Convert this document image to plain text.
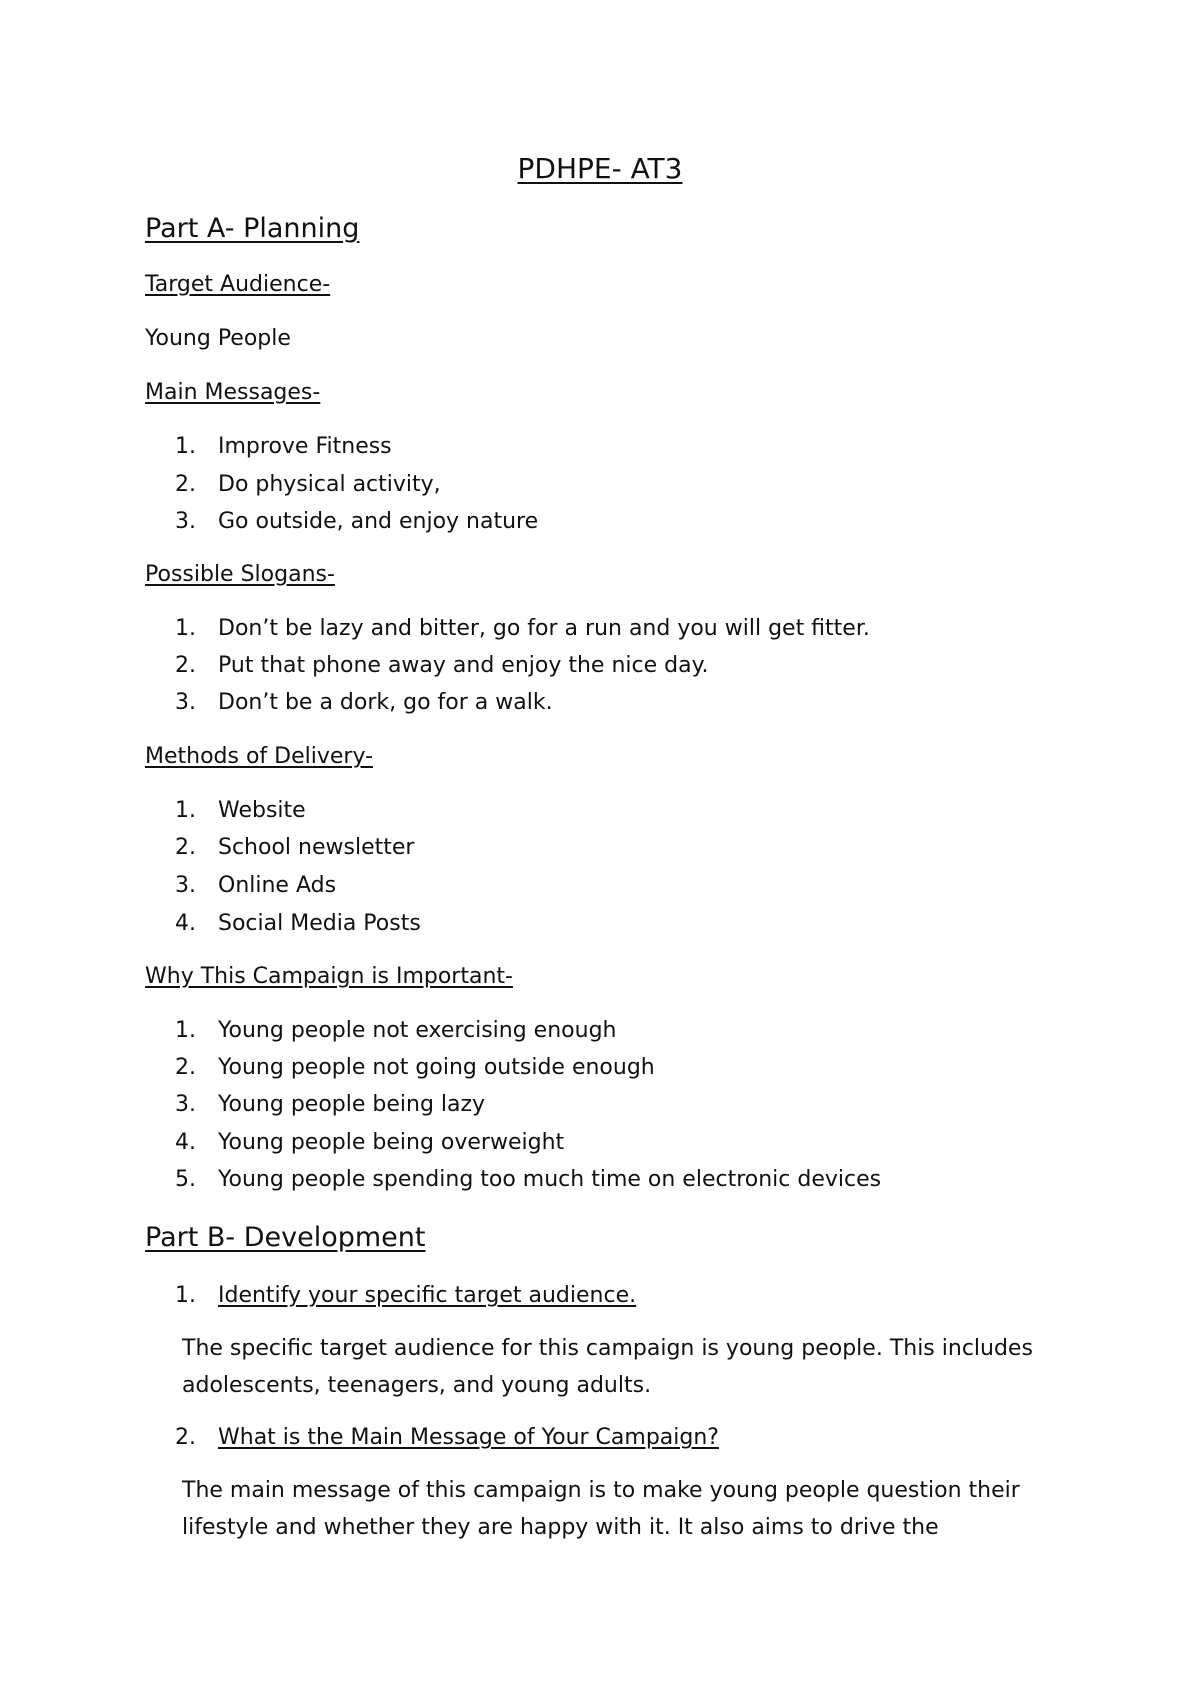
PDHPE- AT3

Part A- Planning

Target Audience-

Young People

Main Messages-

1. Improve Fitness

2. Do physical activity,

3. Go outside, and enjoy nature

Possible Slogans-

1. Don’t be lazy and bitter, go for a run and you will get fitter.

2. Put that phone away and enjoy the nice day.

3. Don’t be a dork, go for a walk.

Methods of Delivery-

1. Website

2. School newsletter

3. Online Ads

4. Social Media Posts

Why This Campaign is Important-

1. Young people not exercising enough

2. Young people not going outside enough

3. Young people being lazy

4. Young people being overweight

5. Young people spending too much time on electronic devices

Part B- Development

1. Identify your specific target audience.

The specific target audience for this campaign is young people. This includes adolescents, teenagers, and young adults.

2. What is the Main Message of Your Campaign?

The main message of this campaign is to make young people question their lifestyle and whether they are happy with it. It also aims to drive the
